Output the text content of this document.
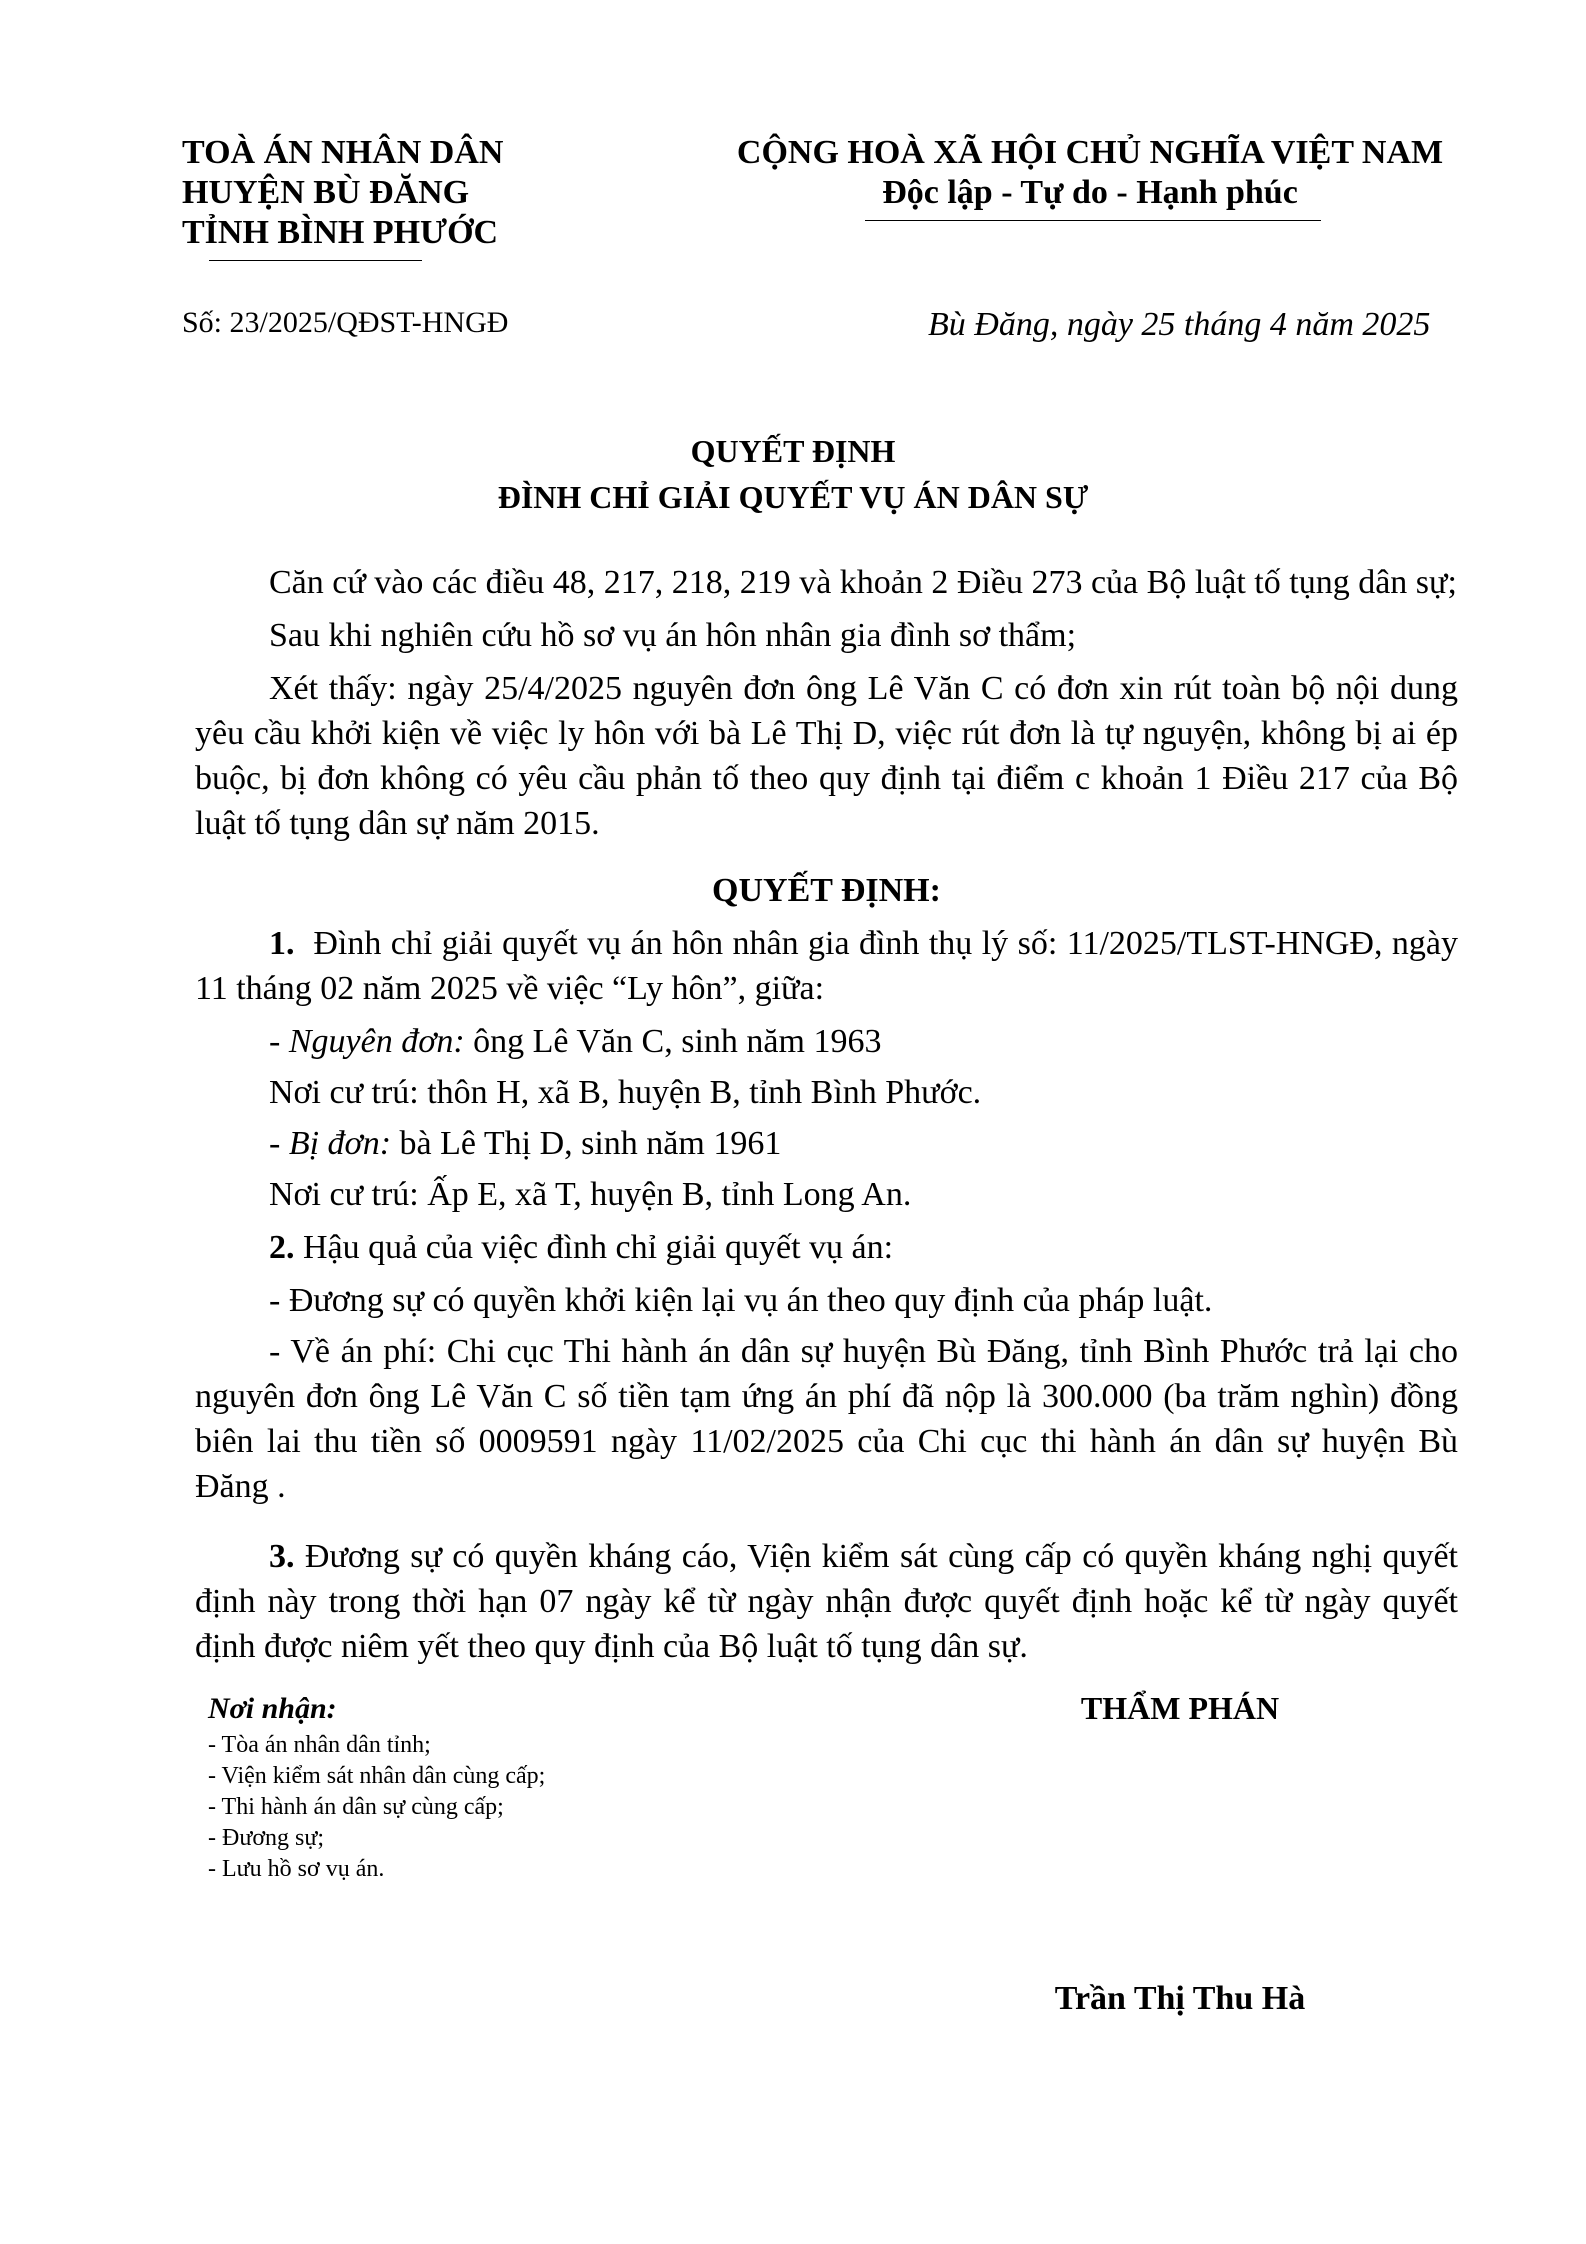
TOÀ ÁN NHÂN DÂN
HUYỆN BÙ ĐĂNG
TỈNH BÌNH PHƯỚC
CỘNG HOÀ XÃ HỘI CHỦ NGHĨA VIỆT NAM
Độc lập - Tự do - Hạnh phúc
Số: 23/2025/QĐST-HNGĐ	Bù Đăng, ngày 25 tháng 4 năm 2025
QUYẾT ĐỊNH
ĐÌNH CHỈ GIẢI QUYẾT VỤ ÁN DÂN SỰ

Căn cứ vào các điều 48, 217, 218, 219 và khoản 2 Điều 273 của Bộ luật tố tụng dân sự;

Sau khi nghiên cứu hồ sơ vụ án hôn nhân gia đình sơ thẩm;

Xét thấy: ngày 25/4/2025 nguyên đơn ông Lê Văn C có đơn xin rút toàn bộ nội dung yêu cầu khởi kiện về việc ly hôn với bà Lê Thị D, việc rút đơn là tự nguyện, không bị ai ép buộc, bị đơn không có yêu cầu phản tố theo quy định tại điểm c khoản 1 Điều 217 của Bộ luật tố tụng dân sự năm 2015.

QUYẾT ĐỊNH:

1. Đình chỉ giải quyết vụ án hôn nhân gia đình thụ lý số: 11/2025/TLST-HNGĐ, ngày 11 tháng 02 năm 2025 về việc “Ly hôn”, giữa:

- Nguyên đơn: ông Lê Văn C, sinh năm 1963

Nơi cư trú: thôn H, xã B, huyện B, tỉnh Bình Phước.

- Bị đơn: bà Lê Thị D, sinh năm 1961

Nơi cư trú: Ấp E, xã T, huyện B, tỉnh Long An.

2. Hậu quả của việc đình chỉ giải quyết vụ án:

- Đương sự có quyền khởi kiện lại vụ án theo quy định của pháp luật.

- Về án phí: Chi cục Thi hành án dân sự huyện Bù Đăng, tỉnh Bình Phước trả lại cho nguyên đơn ông Lê Văn C số tiền tạm ứng án phí đã nộp là 300.000 (ba trăm nghìn) đồng biên lai thu tiền số 0009591 ngày 11/02/2025 của Chi cục thi hành án dân sự huyện Bù Đăng .

3. Đương sự có quyền kháng cáo, Viện kiểm sát cùng cấp có quyền kháng nghị quyết định này trong thời hạn 07 ngày kể từ ngày nhận được quyết định hoặc kể từ ngày quyết định được niêm yết theo quy định của Bộ luật tố tụng dân sự.

Nơi nhận:
- Tòa án nhân dân tỉnh;
- Viện kiểm sát nhân dân cùng cấp;
- Thi hành án dân sự cùng cấp;
- Đương sự;
- Lưu hồ sơ vụ án.
THẨM PHÁN
Trần Thị Thu Hà
